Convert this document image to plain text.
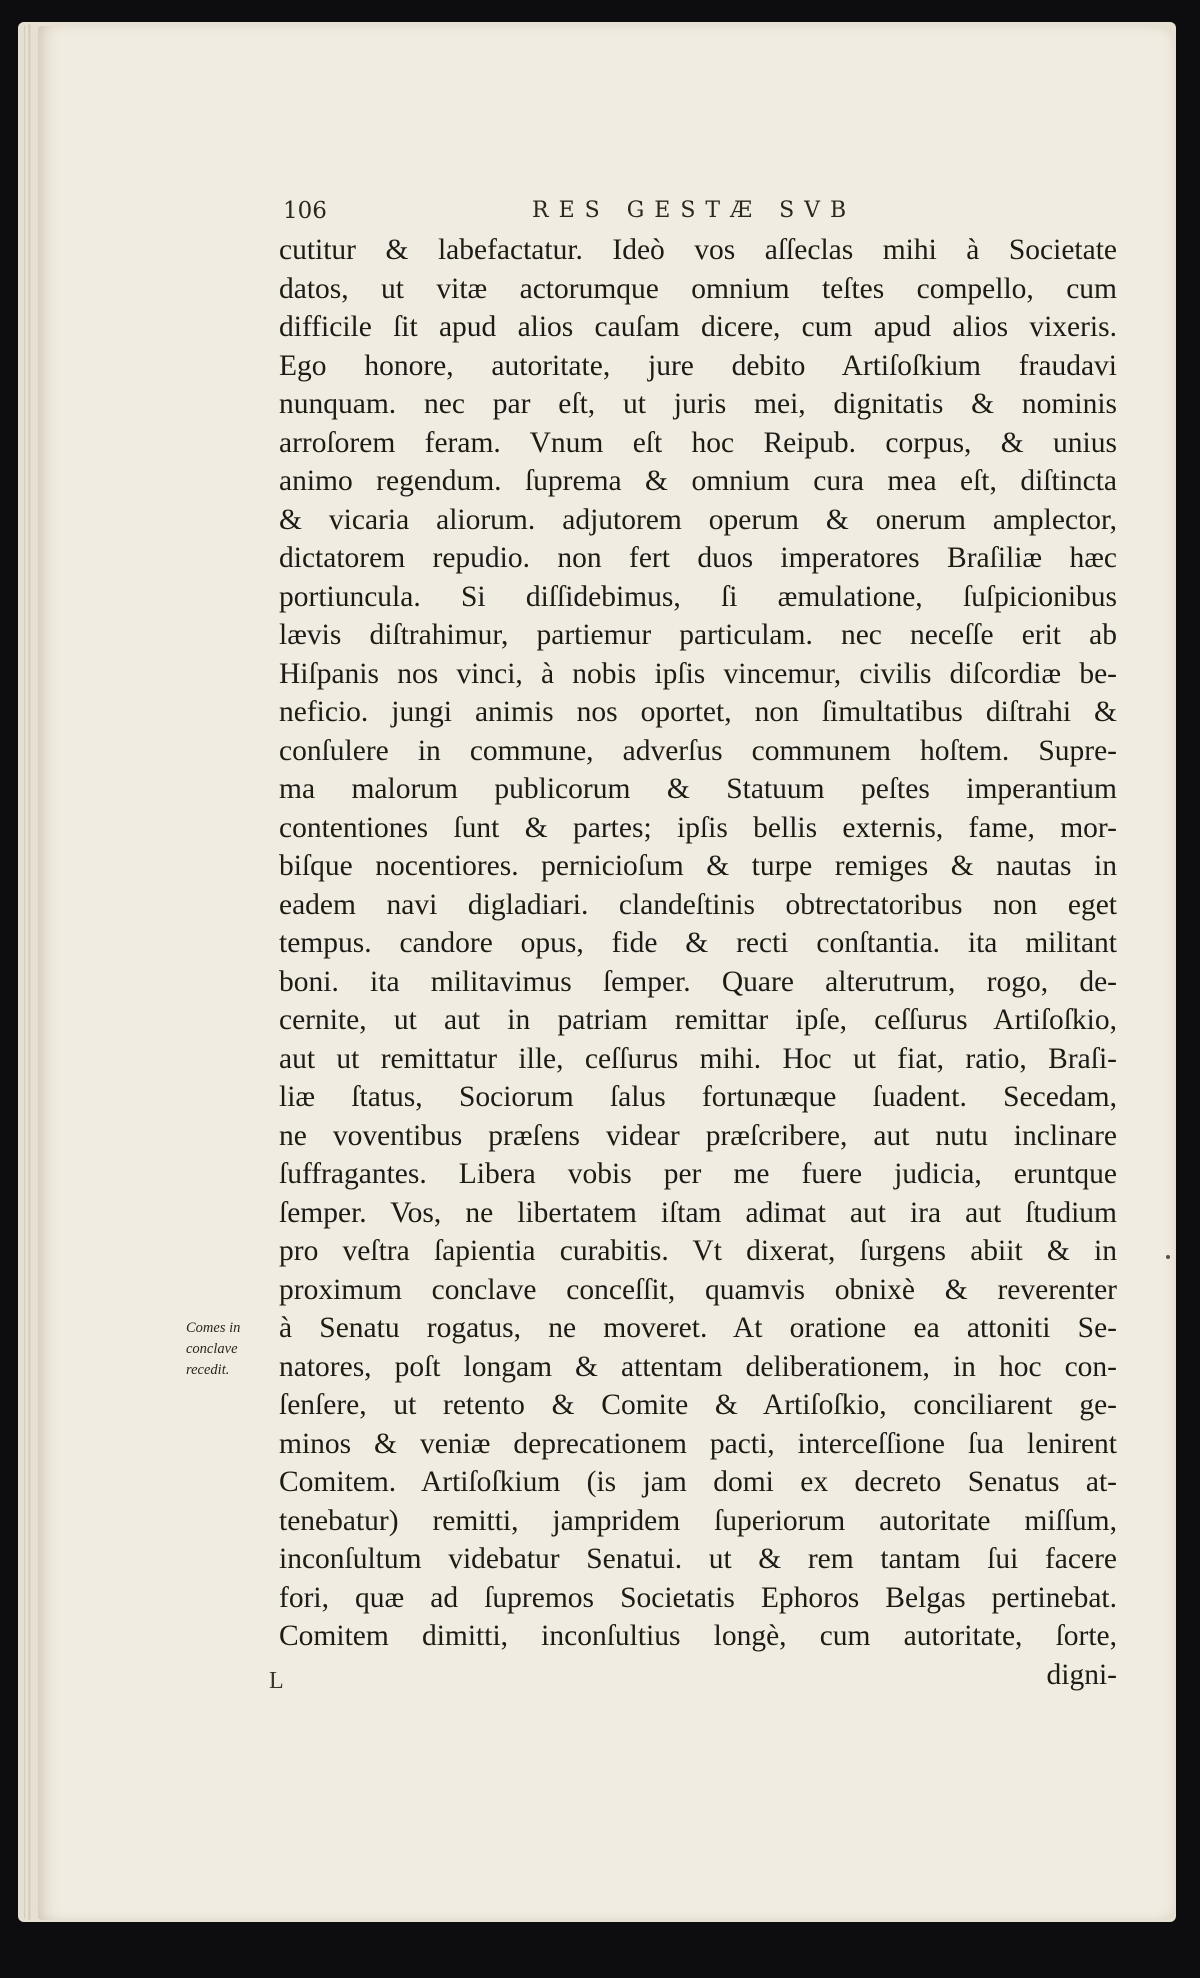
106	RES GESTÆ SVB
Comes in
conclave
recedit.
cutitur & labefactatur. Ideò vos aſſeclas mihi à Societate
datos, ut vitæ actorumque omnium teſtes compello, cum
difficile ſit apud alios cauſam dicere, cum apud alios vixeris.
Ego honore, autoritate, jure debito Artiſoſkium fraudavi
nunquam. nec par eſt, ut juris mei, dignitatis & nominis
arroſorem feram. Vnum eſt hoc Reipub. corpus, & unius
animo regendum. ſuprema & omnium cura mea eſt, diſtincta
& vicaria aliorum. adjutorem operum & onerum amplector,
dictatorem repudio. non fert duos imperatores Braſiliæ hæc
portiuncula. Si diſſidebimus, ſi æmulatione, ſuſpicionibus
lævis diſtrahimur, partiemur particulam. nec neceſſe erit ab
Hiſpanis nos vinci, à nobis ipſis vincemur, civilis diſcordiæ be-
neficio. jungi animis nos oportet, non ſimultatibus diſtrahi &
conſulere in commune, adverſus communem hoſtem. Supre-
ma malorum publicorum & Statuum peſtes imperantium
contentiones ſunt & partes; ipſis bellis externis, fame, mor-
biſque nocentiores. pernicioſum & turpe remiges & nautas in
eadem navi digladiari. clandeſtinis obtrectatoribus non eget
tempus. candore opus, fide & recti conſtantia. ita militant
boni. ita militavimus ſemper. Quare alterutrum, rogo, de-
cernite, ut aut in patriam remittar ipſe, ceſſurus Artiſoſkio,
aut ut remittatur ille, ceſſurus mihi. Hoc ut fiat, ratio, Braſi-
liæ ſtatus, Sociorum ſalus fortunæque ſuadent. Secedam,
ne voventibus præſens videar præſcribere, aut nutu inclinare
ſuffragantes. Libera vobis per me fuere judicia, eruntque
ſemper. Vos, ne libertatem iſtam adimat aut ira aut ſtudium
pro veſtra ſapientia curabitis. Vt dixerat, ſurgens abiit & in
proximum conclave conceſſit, quamvis obnixè & reverenter
à Senatu rogatus, ne moveret. At oratione ea attoniti Se-
natores, poſt longam & attentam deliberationem, in hoc con-
ſenſere, ut retento & Comite & Artiſoſkio, conciliarent ge-
minos & veniæ deprecationem pacti, interceſſione ſua lenirent
Comitem. Artiſoſkium (is jam domi ex decreto Senatus at-
tenebatur) remitti, jampridem ſuperiorum autoritate miſſum,
inconſultum videbatur Senatui. ut & rem tantam ſui facere
fori, quæ ad ſupremos Societatis Ephoros Belgas pertinebat.
Comitem dimitti, inconſultius longè, cum autoritate, ſorte,
digni-
L
